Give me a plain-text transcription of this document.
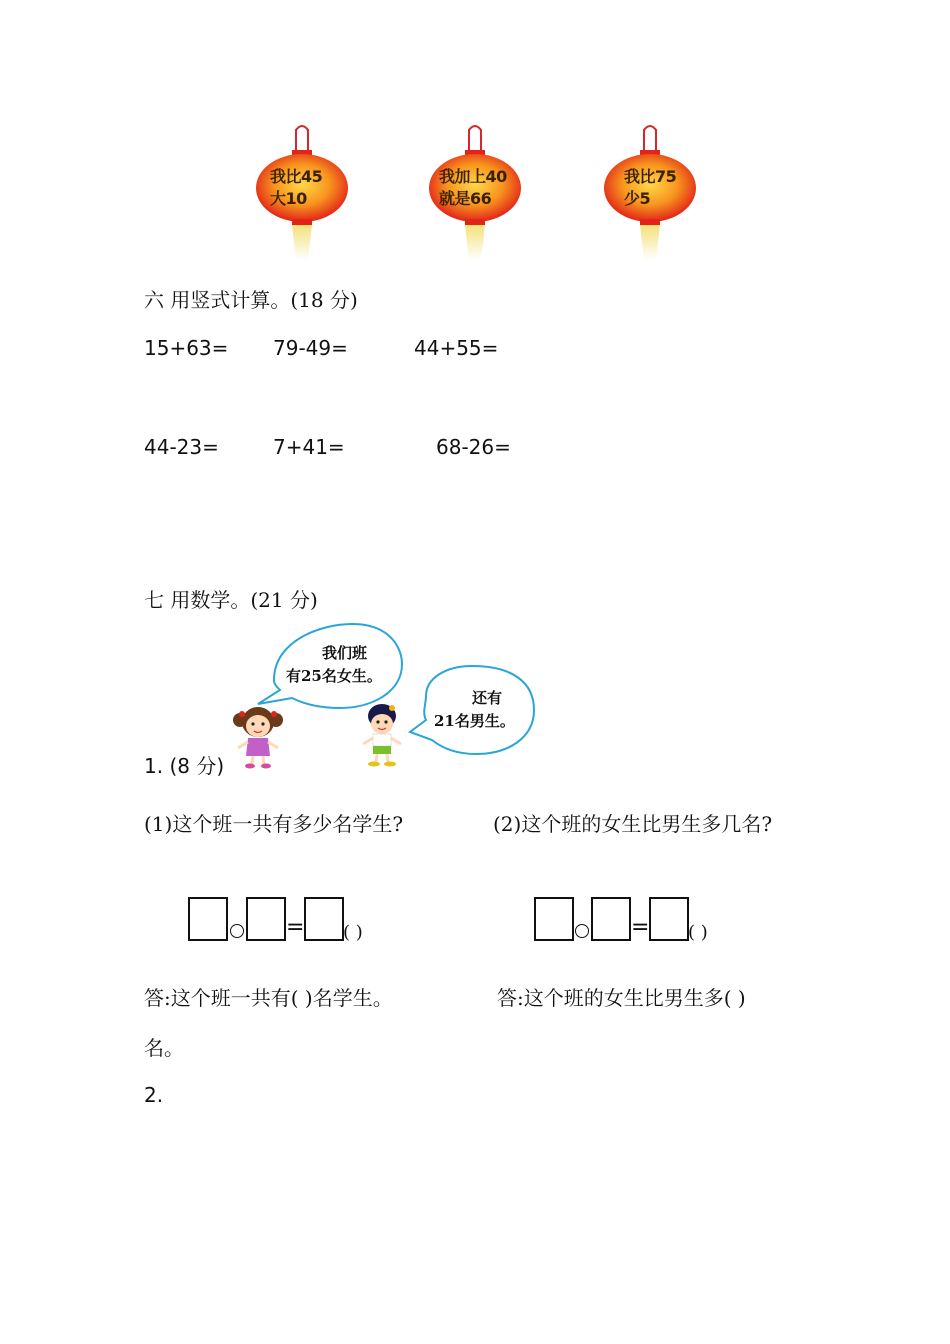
我比45
大10
我加上40
就是66
我比75
少5
六 用竖式计算。(18 分)
15+63= 79-49=	44+55=
44-23=	7+41=	68-26=
七 用数学。(21 分)
我们班
有25名女生。
还有
21名男生。
1. (8 分)
(1)这个班一共有多少名学生?	(2)这个班的女生比男生多几名?
= ( )	= ( )
答:这个班一共有( )名学生。	答:这个班的女生比男生多( )
名。
2.
